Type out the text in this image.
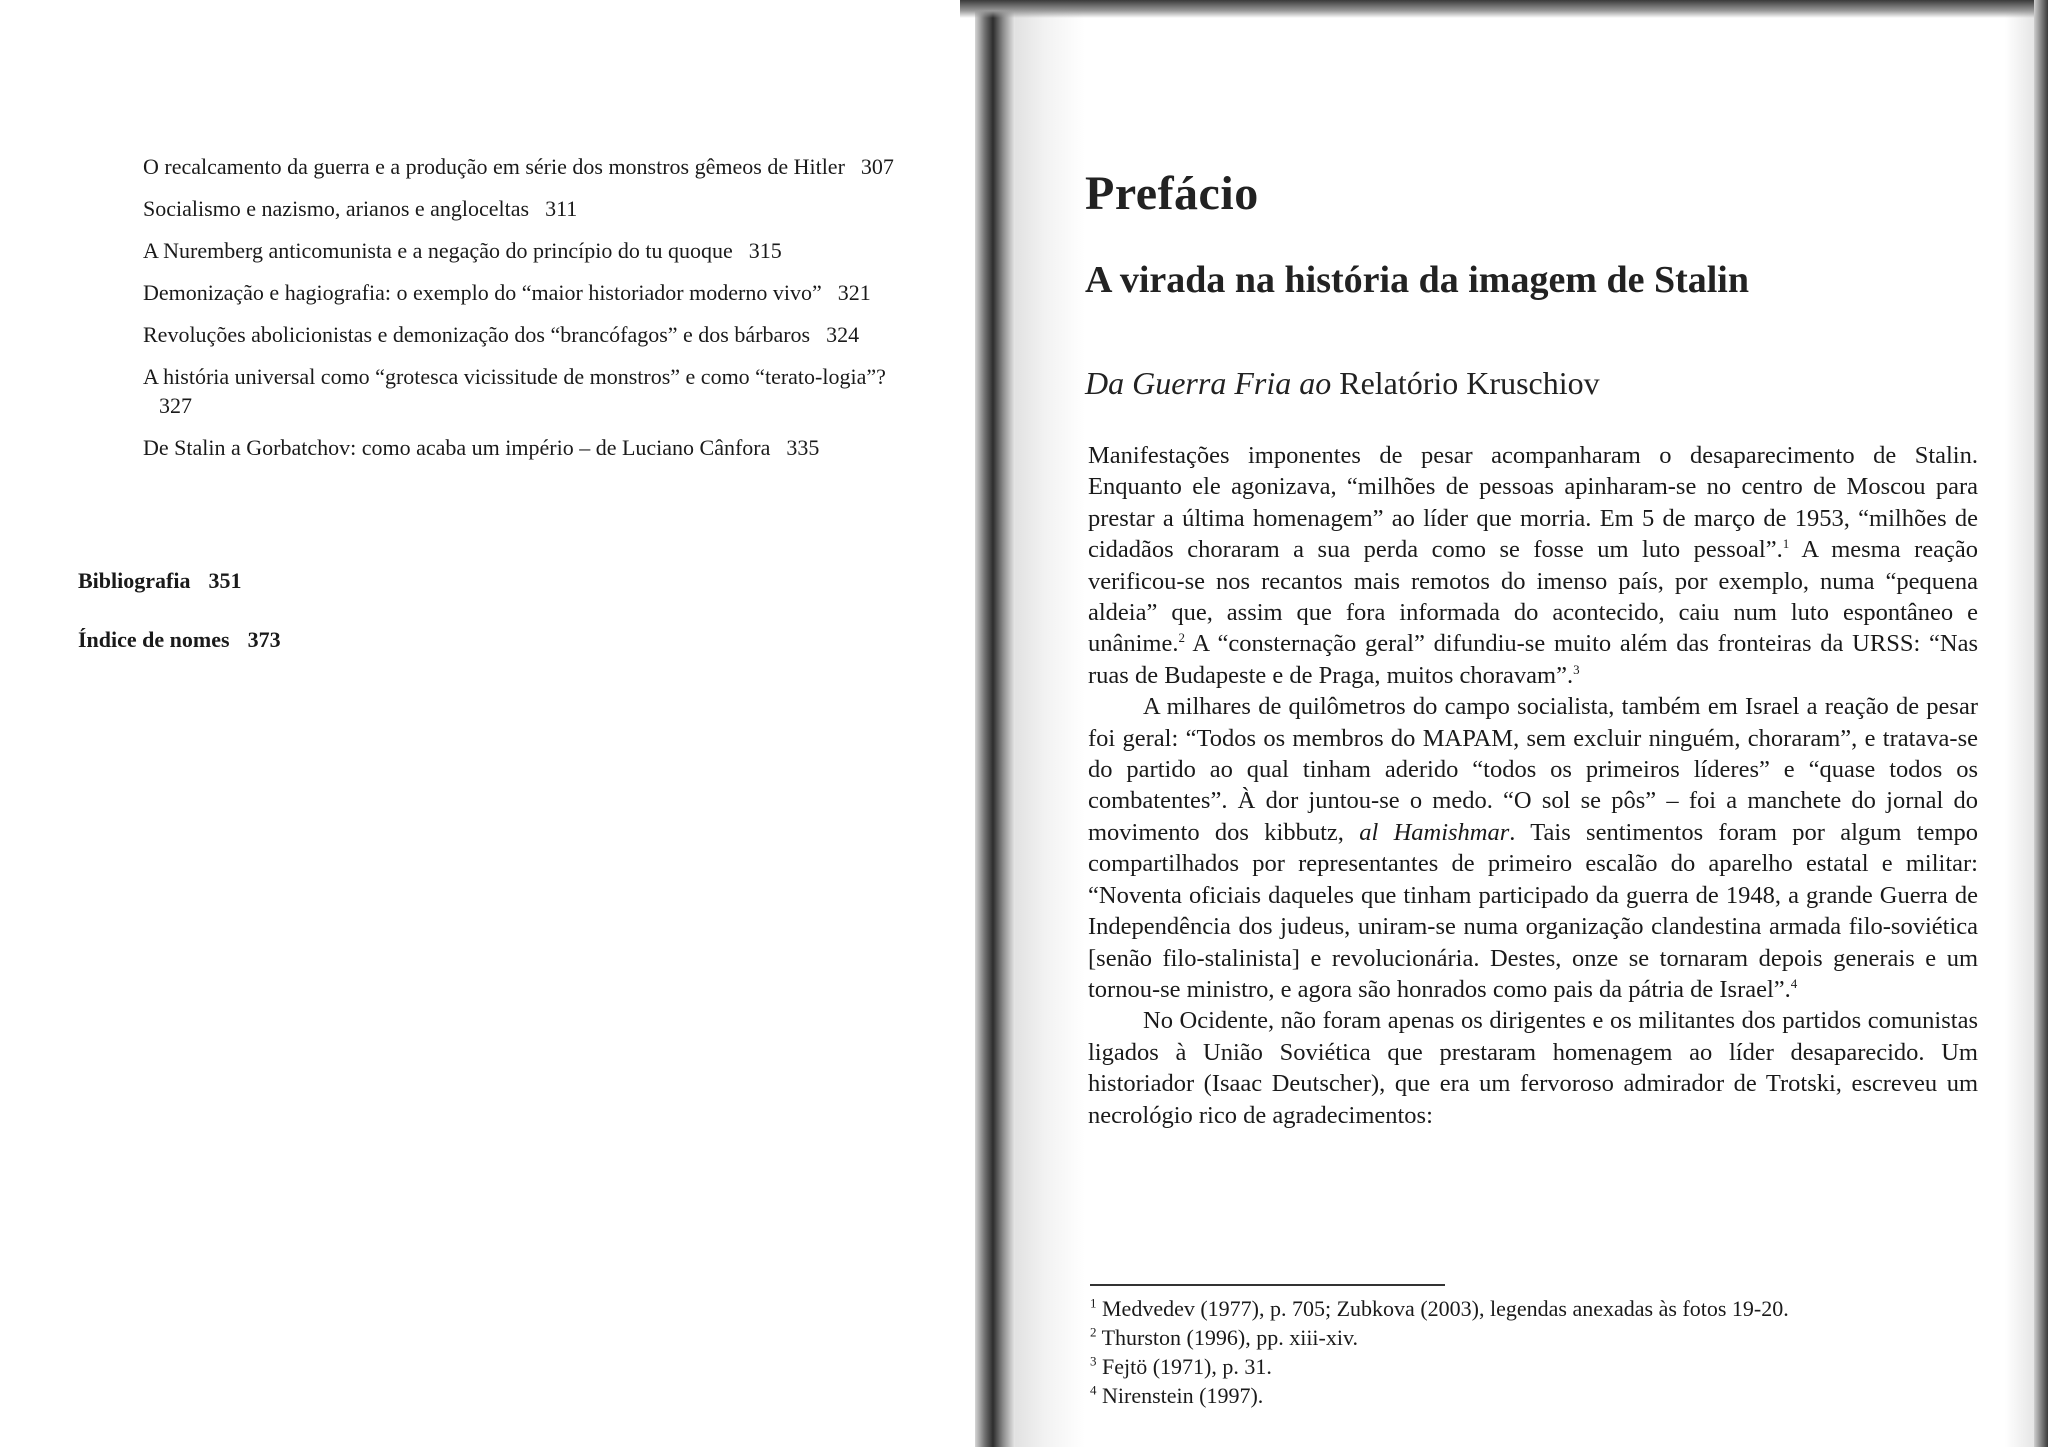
O recalcamento da guerra e a produção em série dos monstros gêmeos de Hitler 307
Socialismo e nazismo, arianos e angloceltas 311
A Nuremberg anticomunista e a negação do princípio do tu quoque 315
Demonização e hagiografia: o exemplo do “maior historiador moderno vivo” 321
Revoluções abolicionistas e demonização dos “brancófagos” e dos bárbaros 324
A história universal como “grotesca vicissitude de monstros” e como “terato-logia”?327
De Stalin a Gorbatchov: como acaba um império – de Luciano Cânfora 335
Bibliografia 351
Índice de nomes 373
Prefácio
A virada na história da imagem de Stalin
Da Guerra Fria ao Relatório Kruschiov

Manifestações imponentes de pesar acompanharam o desaparecimento de Stalin. Enquanto ele agonizava, “milhões de pessoas apinharam-se no centro de Moscou para prestar a última homenagem” ao líder que morria. Em 5 de março de 1953, “milhões de cidadãos choraram a sua perda como se fosse um luto pessoal”.$^1$ A mesma reação verificou-se nos recantos mais remotos do imenso país, por exemplo, numa “pequena aldeia” que, assim que fora informada do acontecido, caiu num luto espontâneo e unânime.$^2$ A “consternação geral” difundiu-se muito além das fronteiras da URSS: “Nas ruas de Budapeste e de Praga, muitos choravam”.$^3$

A milhares de quilômetros do campo socialista, também em Israel a reação de pesar foi geral: “Todos os membros do MAPAM, sem excluir ninguém, choraram”, e tratava-se do partido ao qual tinham aderido “todos os primeiros líderes” e “quase todos os combatentes”. À dor juntou-se o medo. “O sol se pôs” – foi a manchete do jornal do movimento dos kibbutz, al Hamishmar. Tais sentimentos foram por algum tempo compartilhados por representantes de primeiro escalão do aparelho estatal e militar: “Noventa oficiais daqueles que tinham participado da guerra de 1948, a grande Guerra de Independência dos judeus, uniram-se numa organização clandestina armada filo-soviética [senão filo-stalinista] e revolucionária. Destes, onze se tornaram depois generais e um tornou-se ministro, e agora são honrados como pais da pátria de Israel”.$^4$

No Ocidente, não foram apenas os dirigentes e os militantes dos partidos comunistas ligados à União Soviética que prestaram homenagem ao líder desaparecido. Um historiador (Isaac Deutscher), que era um fervoroso admirador de Trotski, escreveu um necrológio rico de agradecimentos:

$^1$ Medvedev (1977), p. 705; Zubkova (2003), legendas anexadas às fotos 19-20.

$^2$ Thurston (1996), pp. xiii-xiv.

$^3$ Fejtö (1971), p. 31.

$^4$ Nirenstein (1997).
